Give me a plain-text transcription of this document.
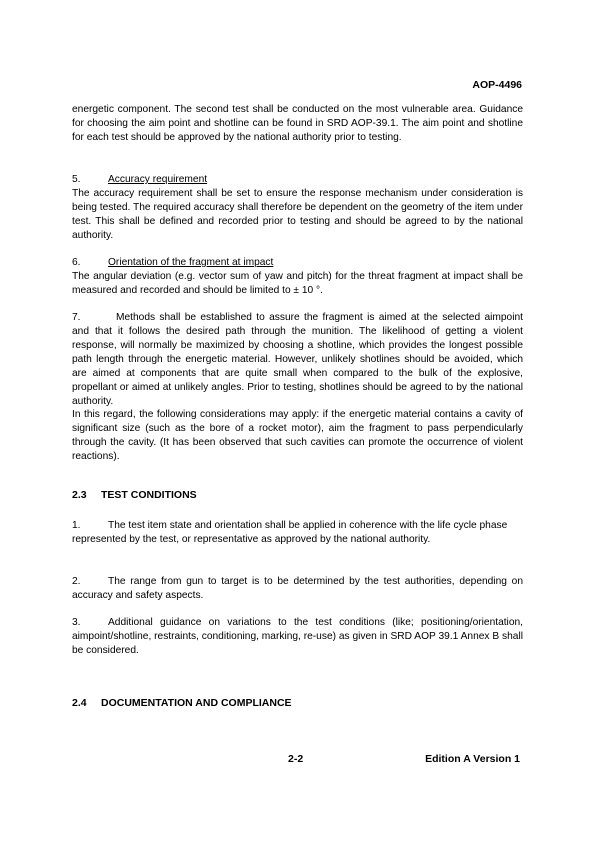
AOP-4496
energetic component. The second test shall be conducted on the most vulnerable area. Guidance for choosing the aim point and shotline can be found in SRD AOP-39.1. The aim point and shotline for each test should be approved by the national authority prior to testing.
5.	Accuracy requirement
The accuracy requirement shall be set to ensure the response mechanism under consideration is being tested. The required accuracy shall therefore be dependent on the geometry of the item under test. This shall be defined and recorded prior to testing and should be agreed to by the national authority.
6.	Orientation of the fragment at impact
The angular deviation (e.g. vector sum of yaw and pitch) for the threat fragment at impact shall be measured and recorded and should be limited to ± 10 °.
7.	Methods shall be established to assure the fragment is aimed at the selected aimpoint and that it follows the desired path through the munition. The likelihood of getting a violent response, will normally be maximized by choosing a shotline, which provides the longest possible path length through the energetic material. However, unlikely shotlines should be avoided, which are aimed at components that are quite small when compared to the bulk of the explosive, propellant or aimed at unlikely angles. Prior to testing, shotlines should be agreed to by the national authority.
In this regard, the following considerations may apply: if the energetic material contains a cavity of significant size (such as the bore of a rocket motor), aim the fragment to pass perpendicularly through the cavity. (It has been observed that such cavities can promote the occurrence of violent reactions).
2.3 TEST CONDITIONS
1.	The test item state and orientation shall be applied in coherence with the life cycle phase represented by the test, or representative as approved by the national authority.
2.	The range from gun to target is to be determined by the test authorities, depending on accuracy and safety aspects.
3.	Additional guidance on variations to the test conditions (like; positioning/orientation, aimpoint/shotline, restraints, conditioning, marking, re-use) as given in SRD AOP 39.1 Annex B shall be considered.
2.4 DOCUMENTATION AND COMPLIANCE
2-2	Edition A Version 1
